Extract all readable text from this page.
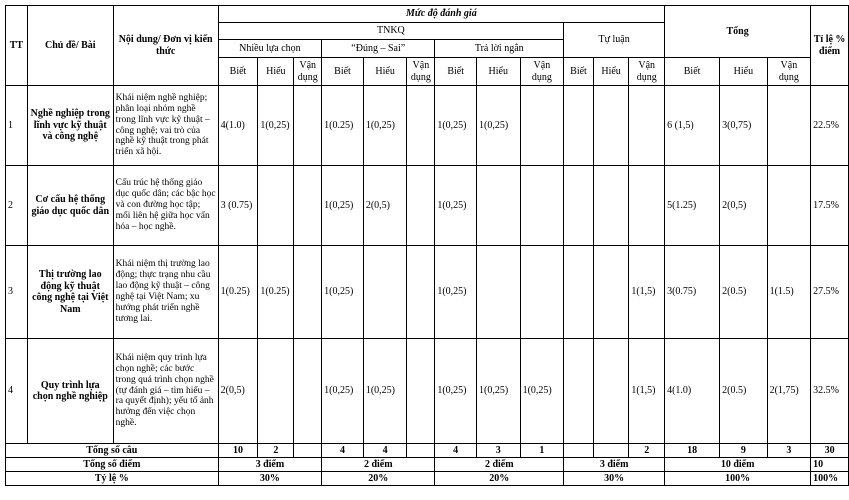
TT	Chủ đề/ Bài	Nội dung/ Đơn vị kiến thức	Mức độ đánh giá												Tổng			Tỉ lệ % điểm
			TNKQ									Tự luận						
			Nhiều lựa chọn			“Đúng – Sai”			Trả lời ngắn									
			Biết	Hiểu	Vận dụng	Biết	Hiểu	Vận dụng	Biết	Hiểu	Vận dụng	Biết	Hiểu	Vận dụng	Biết	Hiểu	Vận dụng	
1	Nghề nghiệp trong lĩnh vực kỹ thuật và công nghệ	Khái niệm nghề nghiệp; phân loại nhóm nghề trong lĩnh vực kỹ thuật – công nghệ; vai trò của nghề kỹ thuật trong phát triển xã hội.	4(1.0)	1(0,25)		1(0.25)	1(0,25)		1(0,25)	1(0,25)					6 (1,5)	3(0,75)		22.5%
2	Cơ cấu hệ thống giáo dục quốc dân	Cấu trúc hệ thống giáo dục quốc dân; các bậc học và con đường học tập; mối liên hệ giữa học vấn hóa – học nghề.	3 (0.75)			1(0,25)	2(0,5)		1(0,25)						5(1.25)	2(0,5)		17.5%
3	Thị trường lao động kỹ thuật công nghệ tại Việt Nam	Khái niệm thị trường lao động; thực trạng nhu cầu lao động kỹ thuật – công nghệ tại Việt Nam; xu hướng phát triển nghề tương lai.	1(0.25)	1(0.25)		1(0,25)			1(0,25)					1(1,5)	3(0.75)	2(0.5)	1(1.5)	27.5%
4	Quy trình lựa chọn nghề nghiệp	Khái niệm quy trình lựa chọn nghề; các bước trong quá trình chọn nghề (tự đánh giá – tìm hiểu – ra quyết định); yếu tố ảnh hưởng đến việc chọn nghề.	2(0,5)			1(0,25)	1(0,25)		1(0,25)	1(0,25)	1(0,25)			1(1,5)	4(1.0)	2(0.5)	2(1,75)	32.5%
Tổng số câu			10	2		4	4		4	3	1			2	18	9	3	30
Tổng số điểm			3 điểm			2 điểm			2 điểm			3 điểm			10 điểm			10
Tỷ lệ %			30%			20%			20%			30%			100%			100%
